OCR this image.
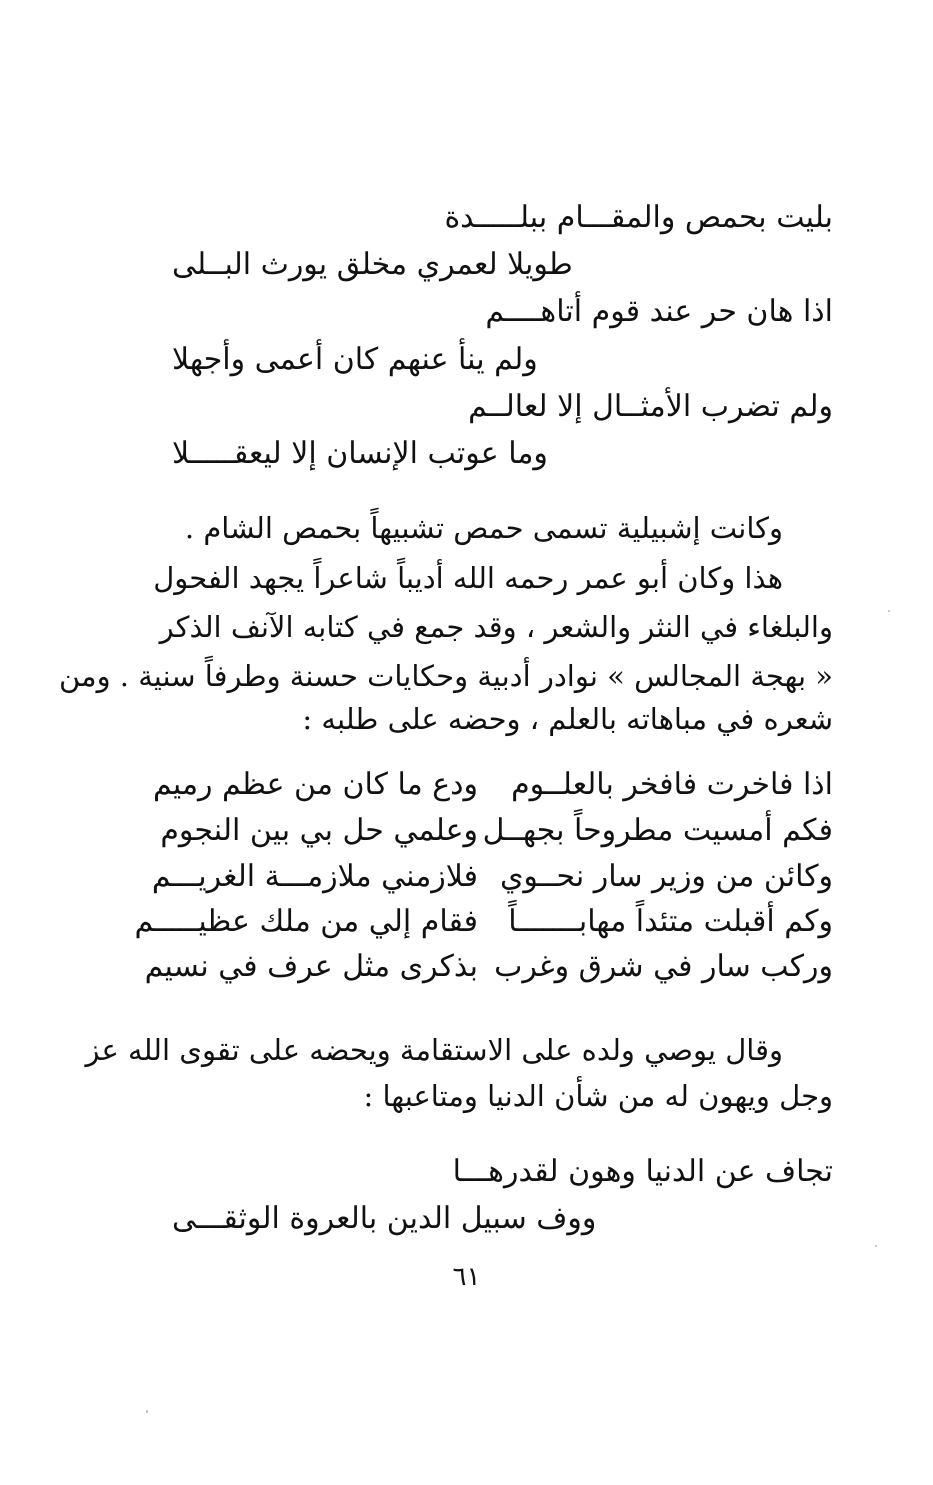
بليت بحمص والمقـــام ببلـــــدة
طويلا لعمري مخلق يورث البــلى
اذا هان حر عند قوم أتاهــــم
ولم ينأ عنهم كان أعمى وأجهلا
ولم تضرب الأمثــال إلا لعالــم
وما عوتب الإنسان إلا ليعقـــــلا
وكانت إشبيلية تسمى حمص تشبيهاً بحمص الشام .
هذا وكان أبو عمر رحمه الله أديباً شاعراً يجهد الفحول
والبلغاء في النثر والشعر ، وقد جمع في كتابه الآنف الذكر
« بهجة المجالس » نوادر أدبية وحكايات حسنة وطرفاً سنية . ومن
شعره في مباهاته بالعلم ، وحضه على طلبه :
اذا فاخرت فافخر بالعلــوم
ودع ما كان من عظم رميم
فكم أمسيت مطروحاً بجهــل
وعلمي حل بي بين النجوم
وكائن من وزير سار نحــوي
فلازمني ملازمـــة الغريـــم
وكم أقبلت متئداً مهابـــــــاً
فقام إلي من ملك عظيـــــم
وركب سار في شرق وغرب
بذكرى مثل عرف في نسيم
وقال يوصي ولده على الاستقامة ويحضه على تقوى الله عز
وجل ويهون له من شأن الدنيا ومتاعبها :
تجاف عن الدنيا وهون لقدرهـــا
ووف سبيل الدين بالعروة الوثقـــى
٦١
